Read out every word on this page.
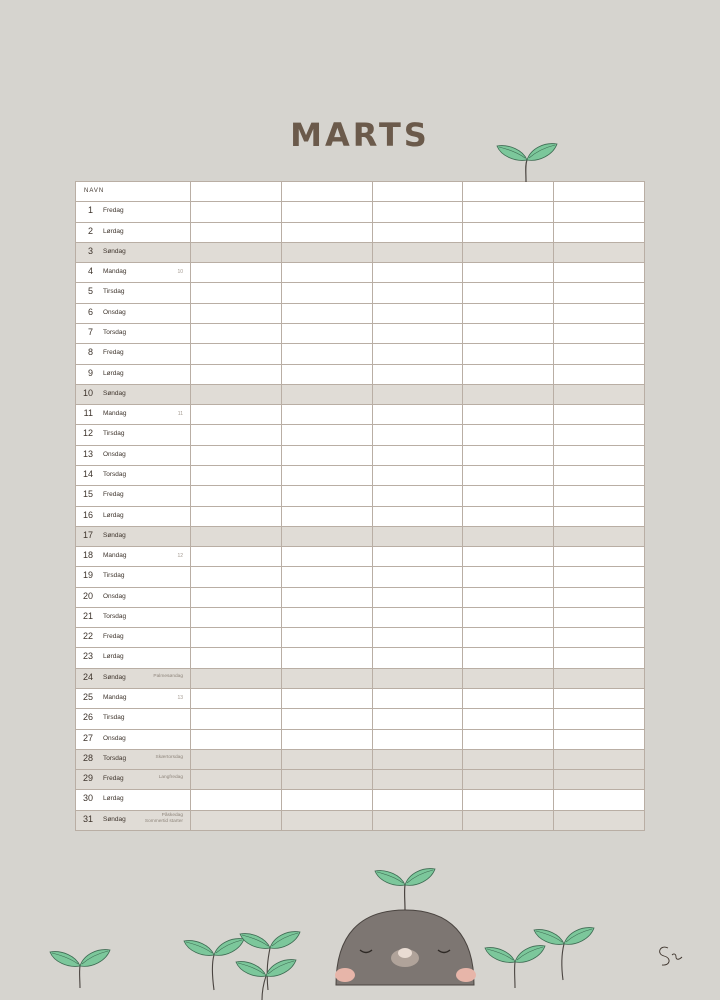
MARTS
NAVN					

1 Fredag					

2 Lørdag					

3 Søndag					

4 Mandag 10					

5 Tirsdag					

6 Onsdag					

7 Torsdag					

8 Fredag					

9 Lørdag					

10 Søndag					

11 Mandag 11					

12 Tirsdag					

13 Onsdag					

14 Torsdag					

15 Fredag					

16 Lørdag					

17 Søndag					

18 Mandag 12					

19 Tirsdag					

20 Onsdag					

21 Torsdag					

22 Fredag					

23 Lørdag					

24 Søndag Palmesøndag					

25 Mandag 13					

26 Tirsdag					

27 Onsdag					

28 Torsdag Skærtorsdag					

29 Fredag Langfredag					

30 Lørdag					

31 Søndag
Påskedag
Sommertid starter					
